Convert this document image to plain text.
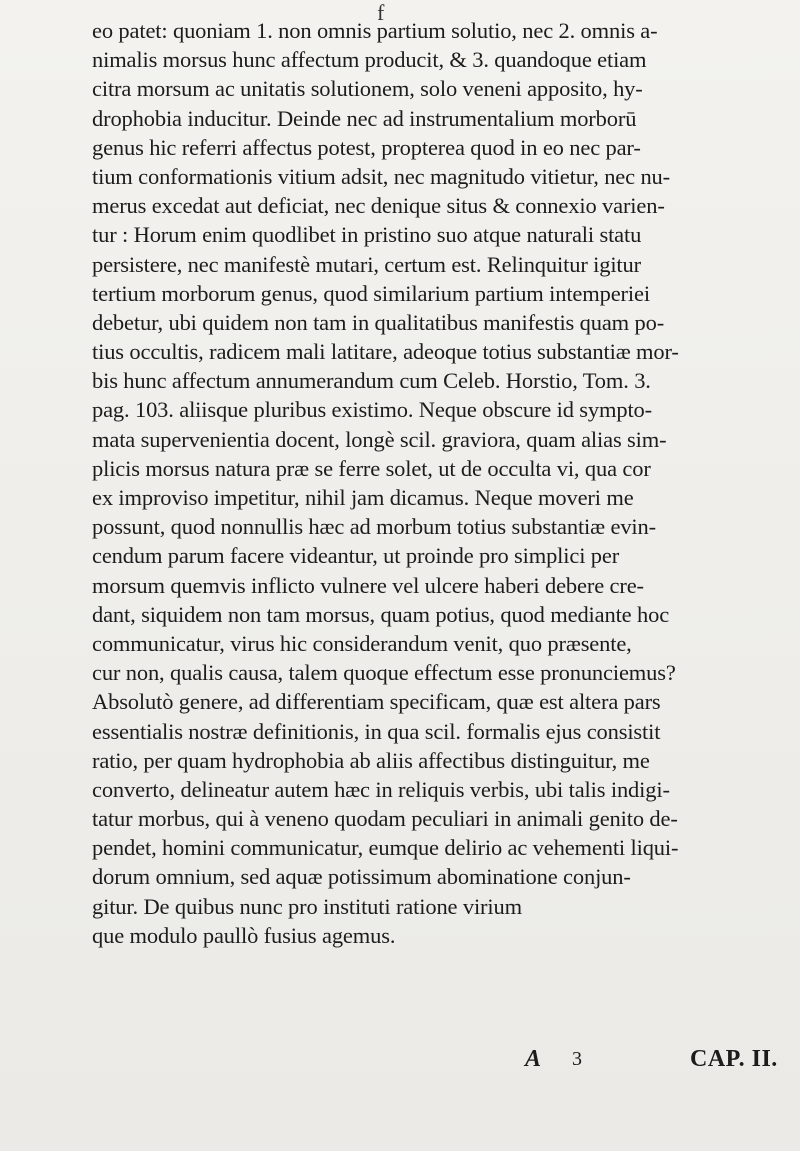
f
eo patet: quoniam 1. non omnis partium solutio, nec 2. omnis a-
nimalis morsus hunc affectum producit, & 3. quandoque etiam
citra morsum ac unitatis solutionem, solo veneni apposito, hy-
drophobia inducitur. Deinde nec ad instrumentalium morborū
genus hic referri affectus potest, propterea quod in eo nec par-
tium conformationis vitium adsit, nec magnitudo vitietur, nec nu-
merus excedat aut deficiat, nec denique situs & connexio varien-
tur : Horum enim quodlibet in pristino suo atque naturali statu
persistere, nec manifestè mutari, certum est. Relinquitur igitur
tertium morborum genus, quod similarium partium intemperiei
debetur, ubi quidem non tam in qualitatibus manifestis quam po-
tius occultis, radicem mali latitare, adeoque totius substantiæ mor-
bis hunc affectum annumerandum cum Celeb. Horstio, Tom. 3.
pag. 103. aliisque pluribus existimo. Neque obscure id sympto-
mata supervenientia docent, longè scil. graviora, quam alias sim-
plicis morsus natura præ se ferre solet, ut de occulta vi, qua cor
ex improviso impetitur, nihil jam dicamus. Neque moveri me
possunt, quod nonnullis hæc ad morbum totius substantiæ evin-
cendum parum facere videantur, ut proinde pro simplici per
morsum quemvis inflicto vulnere vel ulcere haberi debere cre-
dant, siquidem non tam morsus, quam potius, quod mediante hoc
communicatur, virus hic considerandum venit, quo præsente,
cur non, qualis causa, talem quoque effectum esse pronunciemus?
Absolutò genere, ad differentiam specificam, quæ est altera pars
essentialis nostræ definitionis, in qua scil. formalis ejus consistit
ratio, per quam hydrophobia ab aliis affectibus distinguitur, me
converto, delineatur autem hæc in reliquis verbis, ubi talis indigi-
tatur morbus, qui à veneno quodam peculiari in animali genito de-
pendet, homini communicatur, eumque delirio ac vehementi liqui-
dorum omnium, sed aquæ potissimum abominatione conjun-
gitur. De quibus nunc pro instituti ratione virium
que modulo paullò fusius agemus.
A 3	CAP. II.
